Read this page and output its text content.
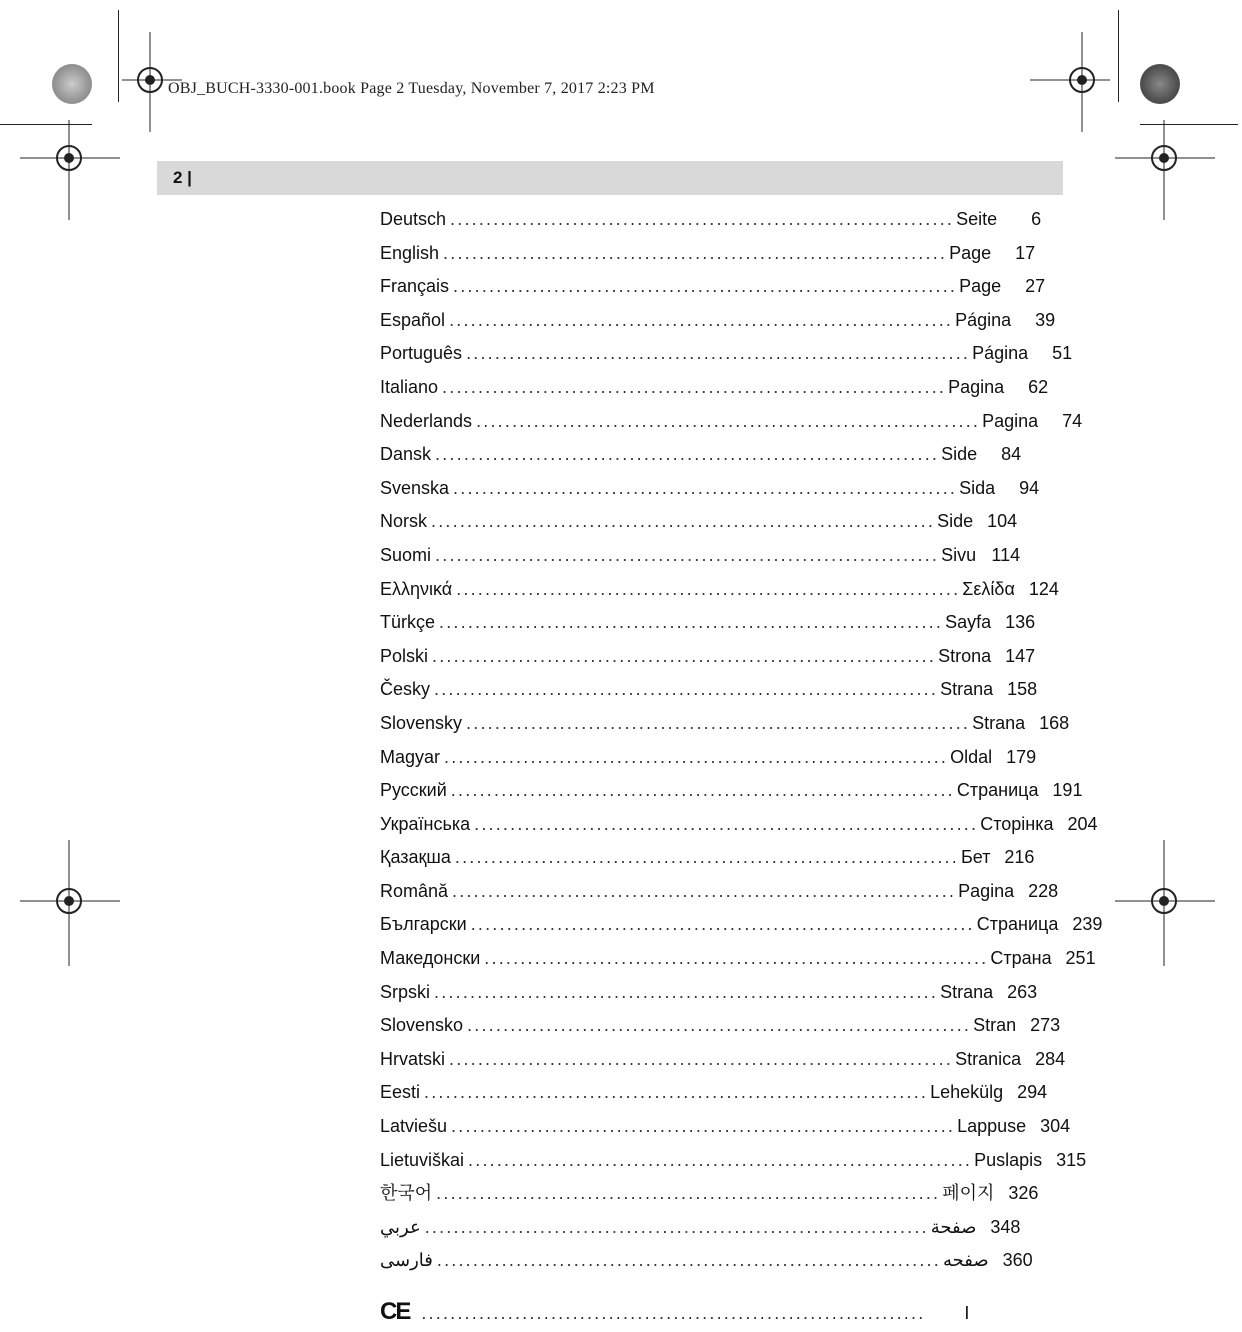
OBJ_BUCH-3330-001.book Page 2 Tuesday, November 7, 2017 2:23 PM
2 |
Deutsch ...................................................................... Seite	6
English ...................................................................... Page	17
Français ...................................................................... Page	27
Español ...................................................................... Página	39
Português ...................................................................... Página	51
Italiano ...................................................................... Pagina	62
Nederlands ...................................................................... Pagina	74
Dansk ...................................................................... Side	84
Svenska ...................................................................... Sida	94
Norsk ...................................................................... Side 104
Suomi ...................................................................... Sivu 114
Ελληνικά ...................................................................... Σελίδα 124
Türkçe ...................................................................... Sayfa 136
Polski ...................................................................... Strona 147
Česky ...................................................................... Strana 158
Slovensky ...................................................................... Strana 168
Magyar ...................................................................... Oldal 179
Русский ...................................................................... Страница 191
Українська ...................................................................... Сторінка 204
Қазақша ...................................................................... Бет 216
Română ...................................................................... Pagina 228
Български ...................................................................... Страница 239
Македонски ...................................................................... Страна 251
Srpski ...................................................................... Strana 263
Slovensko ...................................................................... Stran 273
Hrvatski ...................................................................... Stranica 284
Eesti ...................................................................... Lehekülg 294
Latviešu ...................................................................... Lappuse 304
Lietuviškai ...................................................................... Puslapis 315
한국어 ...................................................................... 페이지 326
عربي ...................................................................... صفحة 348
فارسی ...................................................................... صفحه 360
CE ......................................................................	I
